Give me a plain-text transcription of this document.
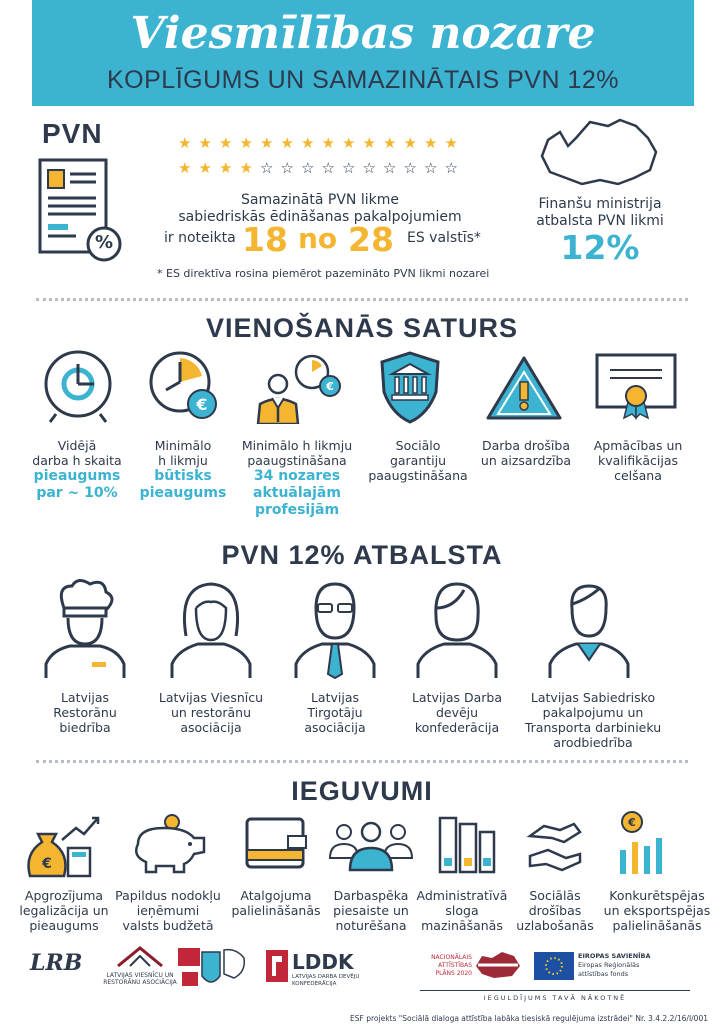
Viesmīlības nozare
KOPLĪGUMS UN SAMAZINĀTAIS PVN 12%
PVN
%
★ ★ ★ ★ ★ ★ ★ ★ ★ ★ ★ ★ ★ ★
★ ★ ★ ★ ☆ ☆ ☆ ☆ ☆ ☆ ☆ ☆ ☆ ☆
Samazinātā PVN likme
sabiedriskās ēdināšanas pakalpojumiem
ir noteikta 18 no 28 ES valstīs*
* ES direktīva rosina piemērot pazemināto PVN likmi nozarei
Finanšu ministrija
atbalsta PVN likmi
12%
VIENOŠANĀS SATURS
€
€
Vidējā
darba h skaita
pieaugums
par ~ 10%
Minimālo
h likmju
būtisks
pieaugums
Minimālo h likmju
paaugstināšana
34 nozares
aktuālajām
profesijām
Sociālo
garantiju
paaugstināšana
Darba drošība
un aizsardzība
Apmācības un
kvalifikācijas
celšana
PVN 12% ATBALSTA
Latvijas
Restorānu
biedrība
Latvijas Viesnīcu
un restorānu
asociācija
Latvijas
Tirgotāju
asociācija
Latvijas Darba
devēju
konfederācija
Latvijas Sabiedrisko
pakalpojumu un
Transporta darbinieku
arodbiedrība
IEGUVUMI
€
€
Apgrozījuma
legalizācija un
pieaugums
Papildus nodokļu
ieņēmumi
valsts budžetā
Atalgojuma
palielināšanās
Darbaspēka
piesaiste un
noturēšana
Administratīvā
sloga
mazināšanās
Sociālās
drošības
uzlabošanās
Konkurētspējas
un eksportspējas
palielināšanās
LRB	LATVIJAS VIESNĪCU UN RESTORĀNU ASOCIĀCIJA
LDDK
LATVIJAS DARBA DEVĒJU KONFEDERĀCIJA
NACIONĀLAIS
ATTĪSTĪBAS
PLĀNS 2020
EIROPAS SAVIENĪBA
Eiropas Reģionālās
attīstības fonds
IEGULDĪJUMS TAVĀ NĀKOTNĒ
ESF projekts "Sociālā dialoga attīstība labāka tiesiskā regulējuma izstrādei" Nr. 3.4.2.2/16/I/001
